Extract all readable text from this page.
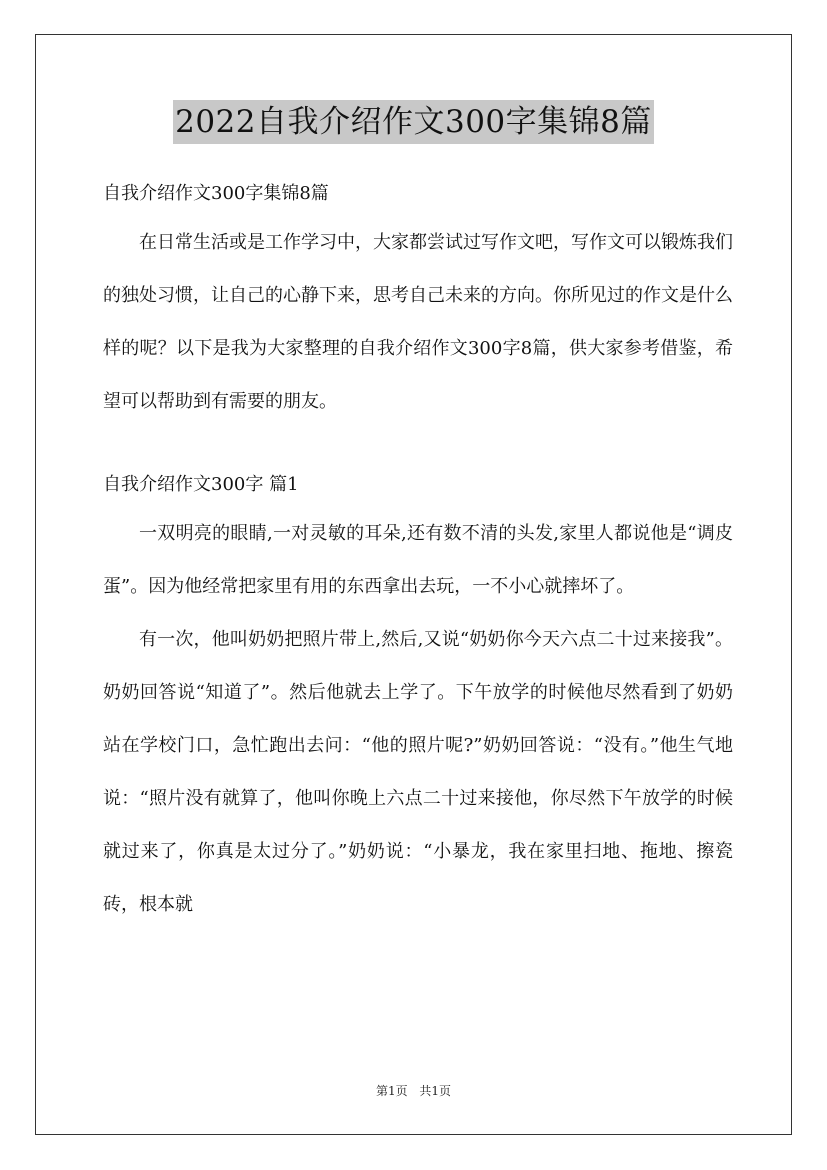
2022自我介绍作文300字集锦8篇

自我介绍作文300字集锦8篇

在日常生活或是工作学习中，大家都尝试过写作文吧，写作文可以锻炼我们的独处习惯，让自己的心静下来，思考自己未来的方向。你所见过的作文是什么样的呢？以下是我为大家整理的自我介绍作文300字8篇，供大家参考借鉴，希望可以帮助到有需要的朋友。

自我介绍作文300字 篇1

一双明亮的眼睛,一对灵敏的耳朵,还有数不清的头发,家里人都说他是“调皮蛋”。因为他经常把家里有用的东西拿出去玩，一不小心就摔坏了。

有一次，他叫奶奶把照片带上,然后,又说“奶奶你今天六点二十过来接我”。奶奶回答说“知道了”。然后他就去上学了。下午放学的时候他尽然看到了奶奶站在学校门口，急忙跑出去问：“他的照片呢?”奶奶回答说：“没有。”他生气地说：“照片没有就算了，他叫你晚上六点二十过来接他，你尽然下午放学的时候就过来了，你真是太过分了。”奶奶说：“小暴龙，我在家里扫地、拖地、擦瓷砖，根本就

第1页 共1页
